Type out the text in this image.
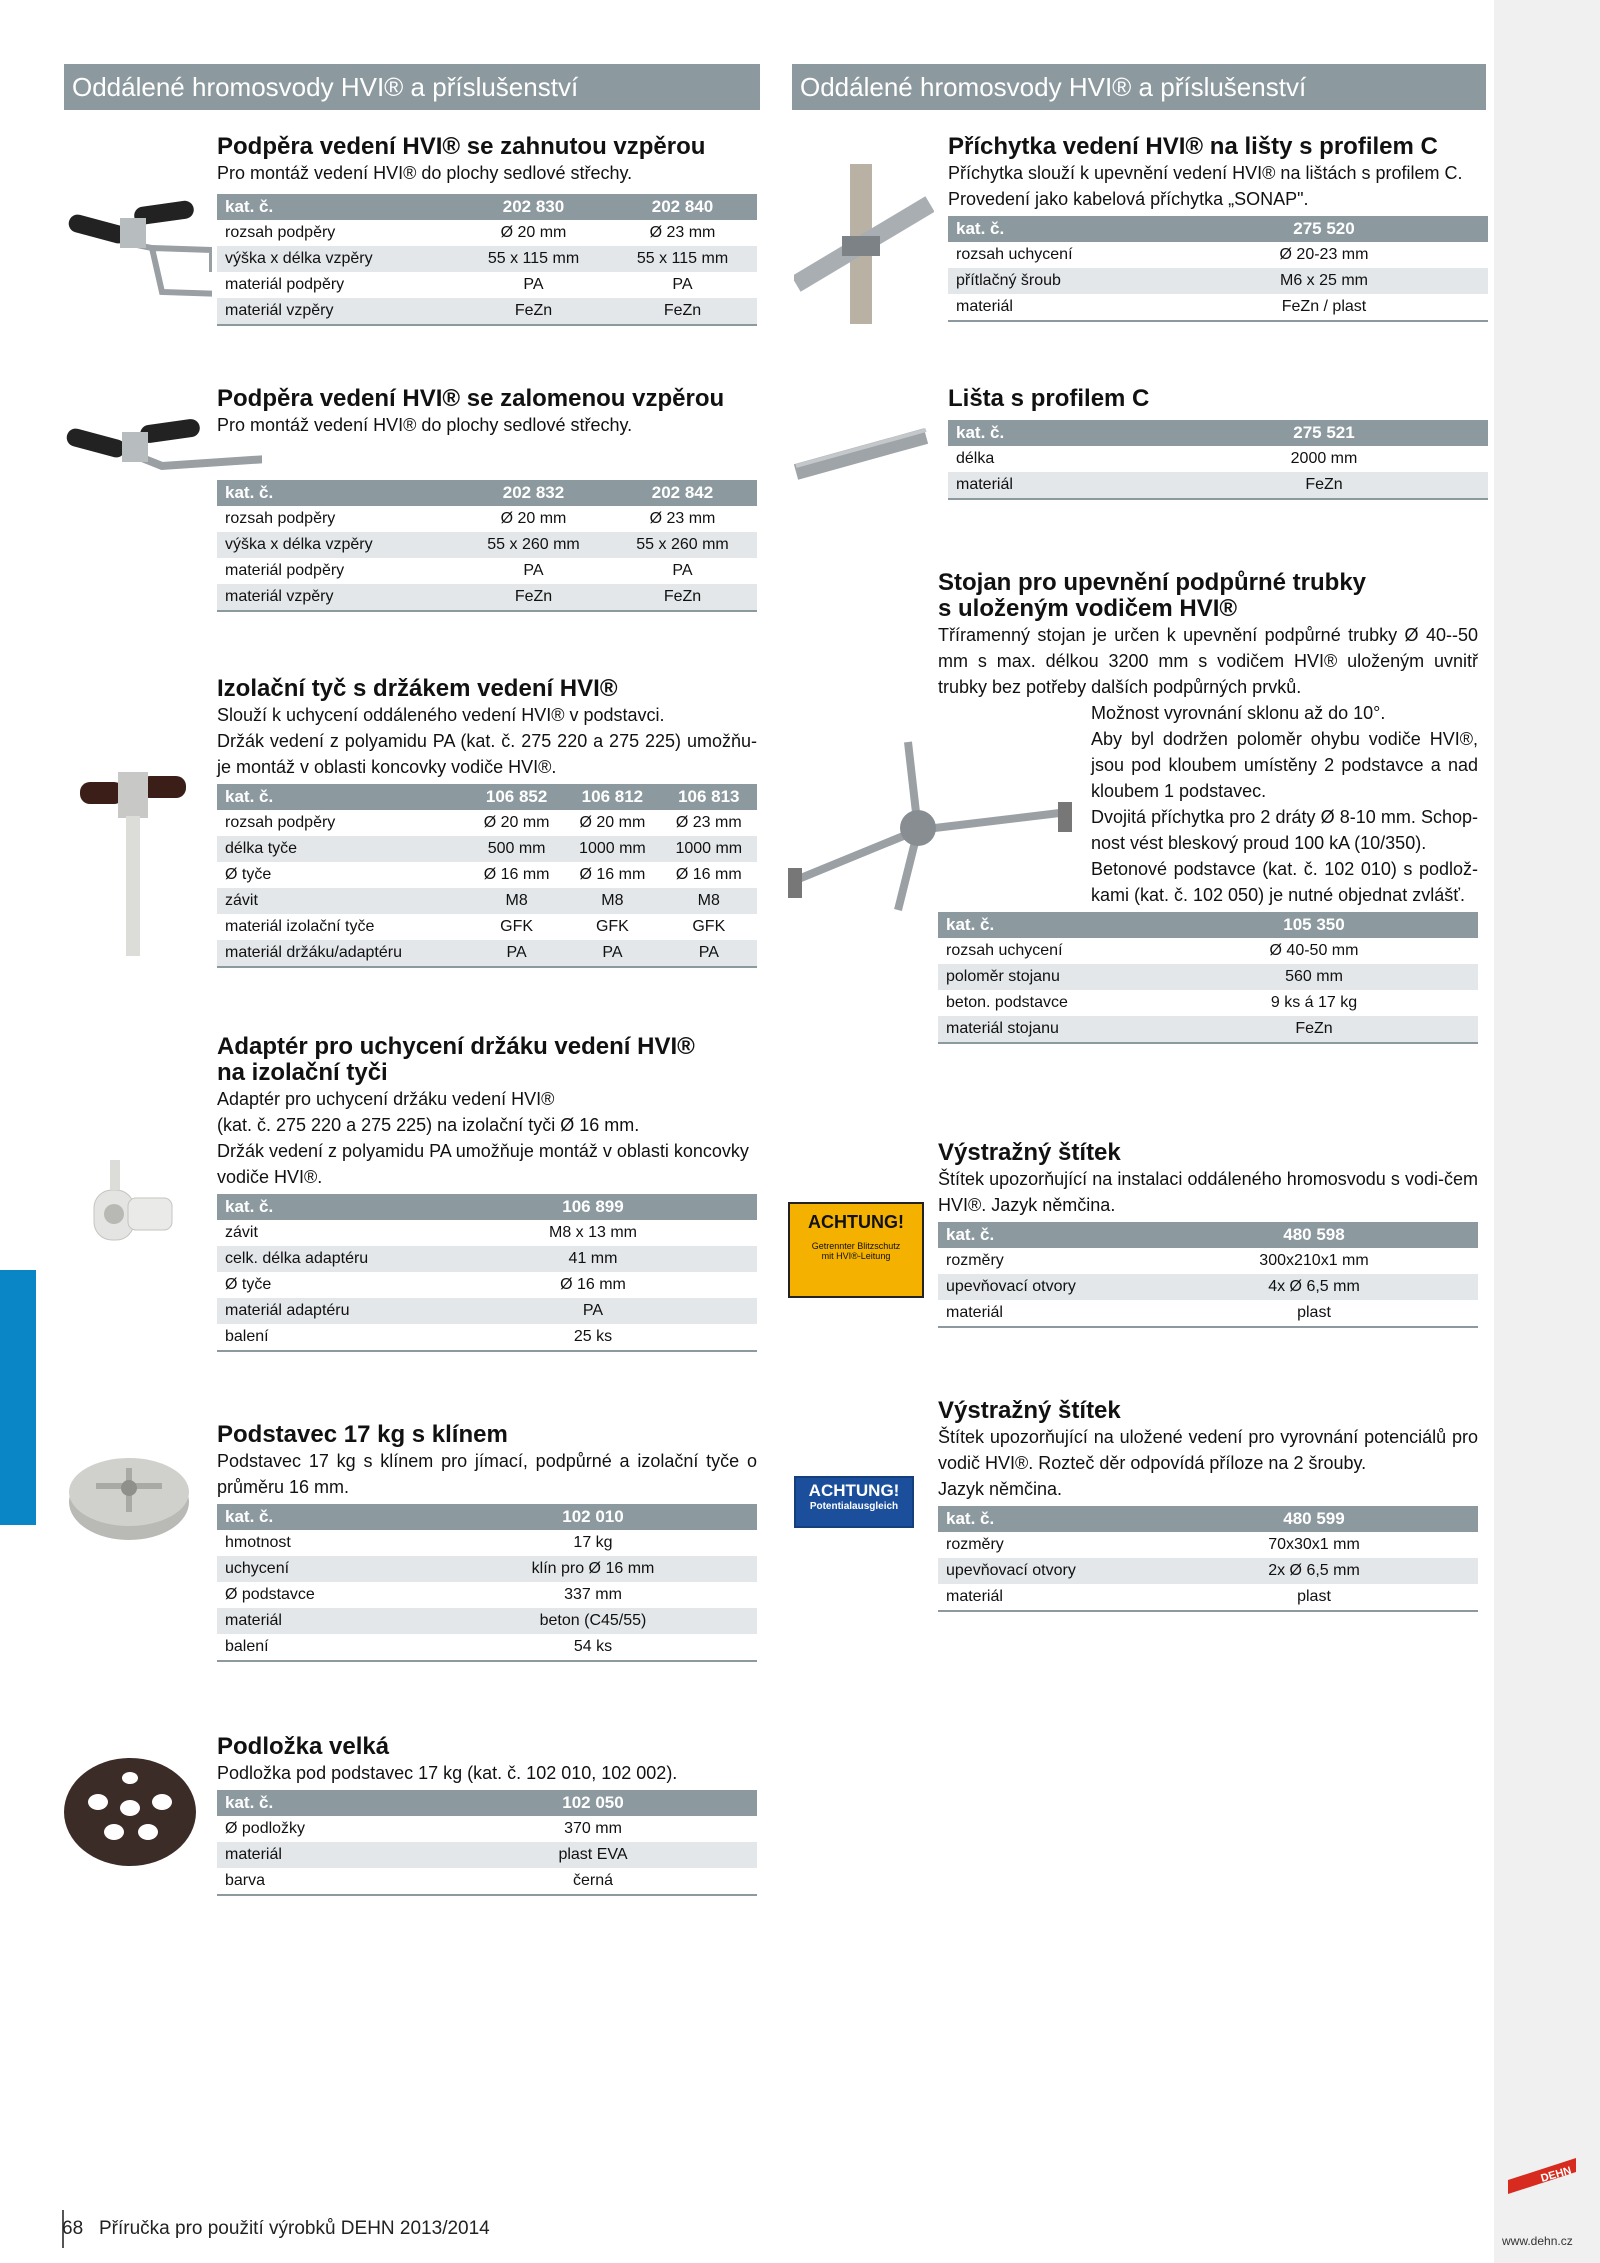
Oddálené hromosvody HVI® a příslušenství	Oddálené hromosvody HVI® a příslušenství

Podpěra vedení HVI® se zahnutou vzpěrou

Pro montáž vedení HVI® do plochy sedlové střechy.

kat. č.	202 830	202 840
rozsah podpěry	Ø 20 mm	Ø 23 mm
výška x délka vzpěry	55 x 115 mm	55 x 115 mm
materiál podpěry	PA	PA
materiál vzpěry	FeZn	FeZn

Podpěra vedení HVI® se zalomenou vzpěrou

Pro montáž vedení HVI® do plochy sedlové střechy.

kat. č.	202 832	202 842
rozsah podpěry	Ø 20 mm	Ø 23 mm
výška x délka vzpěry	55 x 260 mm	55 x 260 mm
materiál podpěry	PA	PA
materiál vzpěry	FeZn	FeZn

Izolační tyč s držákem vedení HVI®

Slouží k uchycení oddáleného vedení HVI® v podstavci.

Držák vedení z polyamidu PA (kat. č. 275 220 a 275 225) umožňu-je montáž v oblasti koncovky vodiče HVI®.

kat. č.	106 852	106 812	106 813
rozsah podpěry	Ø 20 mm	Ø 20 mm	Ø 23 mm
délka tyče	500 mm	1000 mm	1000 mm
Ø tyče	Ø 16 mm	Ø 16 mm	Ø 16 mm
závit	M8	M8	M8
materiál izolační tyče	GFK	GFK	GFK
materiál držáku/adaptéru	PA	PA	PA

Adaptér pro uchycení držáku vedení HVI®

na izolační tyči

Adaptér pro uchycení držáku vedení HVI®

(kat. č. 275 220 a 275 225) na izolační tyči Ø 16 mm.

Držák vedení z polyamidu PA umožňuje montáž v oblasti koncovky vodiče HVI®.

kat. č.	106 899
závit	M8 x 13 mm
celk. délka adaptéru	41 mm
Ø tyče	Ø 16 mm
materiál adaptéru	PA
balení	25 ks

Podstavec 17 kg s klínem

Podstavec 17 kg s klínem pro jímací, podpůrné a izolační tyče o průměru 16 mm.

kat. č.	102 010
hmotnost	17 kg
uchycení	klín pro Ø 16 mm
Ø podstavce	337 mm
materiál	beton (C45/55)
balení	54 ks

Podložka velká

Podložka pod podstavec 17 kg (kat. č. 102 010, 102 002).

kat. č.	102 050
Ø podložky	370 mm
materiál	plast EVA
barva	černá

Příchytka vedení HVI® na lišty s profilem C

Příchytka slouží k upevnění vedení HVI® na lištách s profilem C.

Provedení jako kabelová příchytka „SONAP".

kat. č.	275 520
rozsah uchycení	Ø 20-23 mm
přítlačný šroub	M6 x 25 mm
materiál	FeZn / plast

Lišta s profilem C

kat. č.	275 521
délka	2000 mm
materiál	FeZn

Stojan pro upevnění podpůrné trubky

s uloženým vodičem HVI®

Tříramenný stojan je určen k upevnění podpůrné trubky Ø 40--50 mm s max. délkou 3200 mm s vodičem HVI® uloženým uvnitř trubky bez potřeby dalších podpůrných prvků.

Možnost vyrovnání sklonu až do 10°.

Aby byl dodržen poloměr ohybu vodiče HVI®, jsou pod kloubem umístěny 2 podstavce a nad kloubem 1 podstavec.

Dvojitá příchytka pro 2 dráty Ø 8-10 mm. Schop-nost vést bleskový proud 100 kA (10/350).

Betonové podstavce (kat. č. 102 010) s podlož-kami (kat. č. 102 050) je nutné objednat zvlášť.

kat. č.	105 350
rozsah uchycení	Ø 40-50 mm
poloměr stojanu	560 mm
beton. podstavce	9 ks á 17 kg
materiál stojanu	FeZn
ACHTUNG!
Getrennter Blitzschutz
mit HVI®-Leitung

Výstražný štítek

Štítek upozorňující na instalaci oddáleného hromosvodu s vodi-čem HVI®. Jazyk němčina.

kat. č.	480 598
rozměry	300x210x1 mm
upevňovací otvory	4x Ø 6,5 mm
materiál	plast
ACHTUNG!
Potentialausgleich

Výstražný štítek

Štítek upozorňující na uložené vedení pro vyrovnání potenciálů pro vodič HVI®. Rozteč děr odpovídá příloze na 2 šrouby.

Jazyk němčina.

kat. č.	480 599
rozměry	70x30x1 mm
upevňovací otvory	2x Ø 6,5 mm
materiál	plast
68 Příručka pro použití výrobků DEHN 2013/2014
DEHN
www.dehn.cz
